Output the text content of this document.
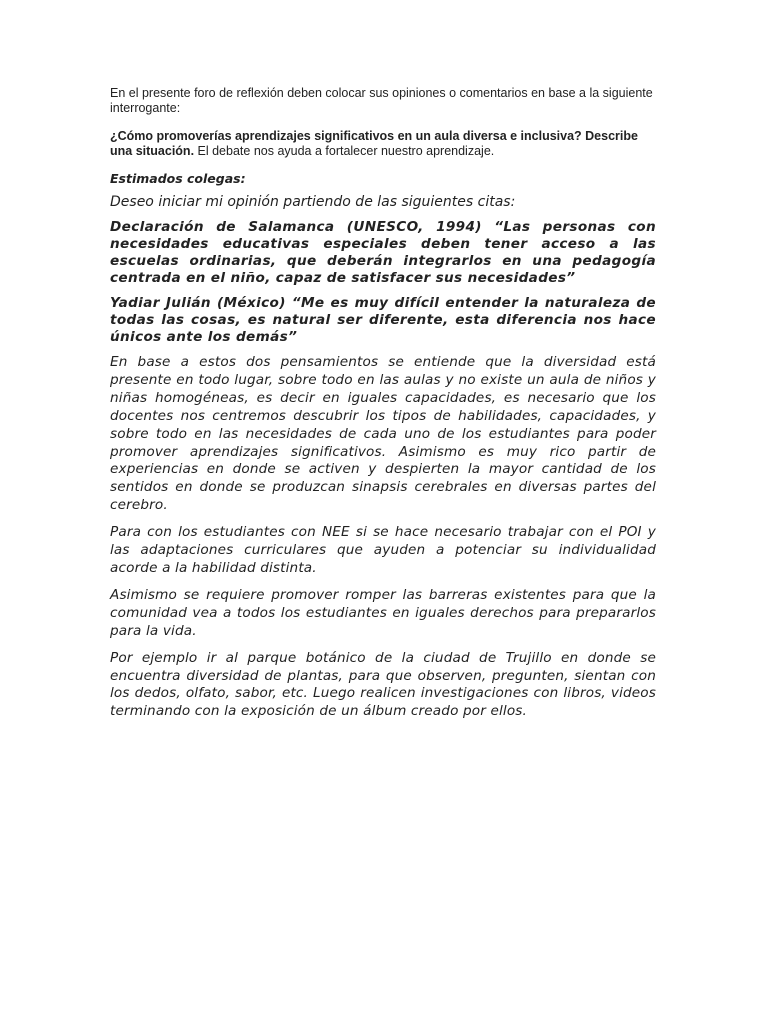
En el presente foro de reflexión deben colocar sus opiniones o comentarios en base a la siguiente interrogante:

¿Cómo promoverías aprendizajes significativos en un aula diversa e inclusiva? Describe una situación. El debate nos ayuda a fortalecer nuestro aprendizaje.

Estimados colegas:

Deseo iniciar mi opinión partiendo de las siguientes citas:

Declaración de Salamanca (UNESCO, 1994) “Las personas con necesidades educativas especiales deben tener acceso a las escuelas ordinarias, que deberán integrarlos en una pedagogía centrada en el niño, capaz de satisfacer sus necesidades”

Yadiar Julián (México) “Me es muy difícil entender la naturaleza de todas las cosas, es natural ser diferente, esta diferencia nos hace únicos ante los demás”

En base a estos dos pensamientos se entiende que la diversidad está presente en todo lugar, sobre todo en las aulas y no existe un aula de niños y niñas homogéneas, es decir en iguales capacidades, es necesario que los docentes nos centremos descubrir los tipos de habilidades, capacidades, y sobre todo en las necesidades de cada uno de los estudiantes para poder promover aprendizajes significativos. Asimismo es muy rico partir de experiencias en donde se activen y despierten la mayor cantidad de los sentidos en donde se produzcan sinapsis cerebrales en diversas partes del cerebro.

Para con los estudiantes con NEE si se hace necesario trabajar con el POI y las adaptaciones curriculares que ayuden a potenciar su individualidad acorde a la habilidad distinta.

Asimismo se requiere promover romper las barreras existentes para que la comunidad vea a todos los estudiantes en iguales derechos para prepararlos para la vida.

Por ejemplo ir al parque botánico de la ciudad de Trujillo en donde se encuentra diversidad de plantas, para que observen, pregunten, sientan con los dedos, olfato, sabor, etc. Luego realicen investigaciones con libros, videos terminando con la exposición de un álbum creado por ellos.
